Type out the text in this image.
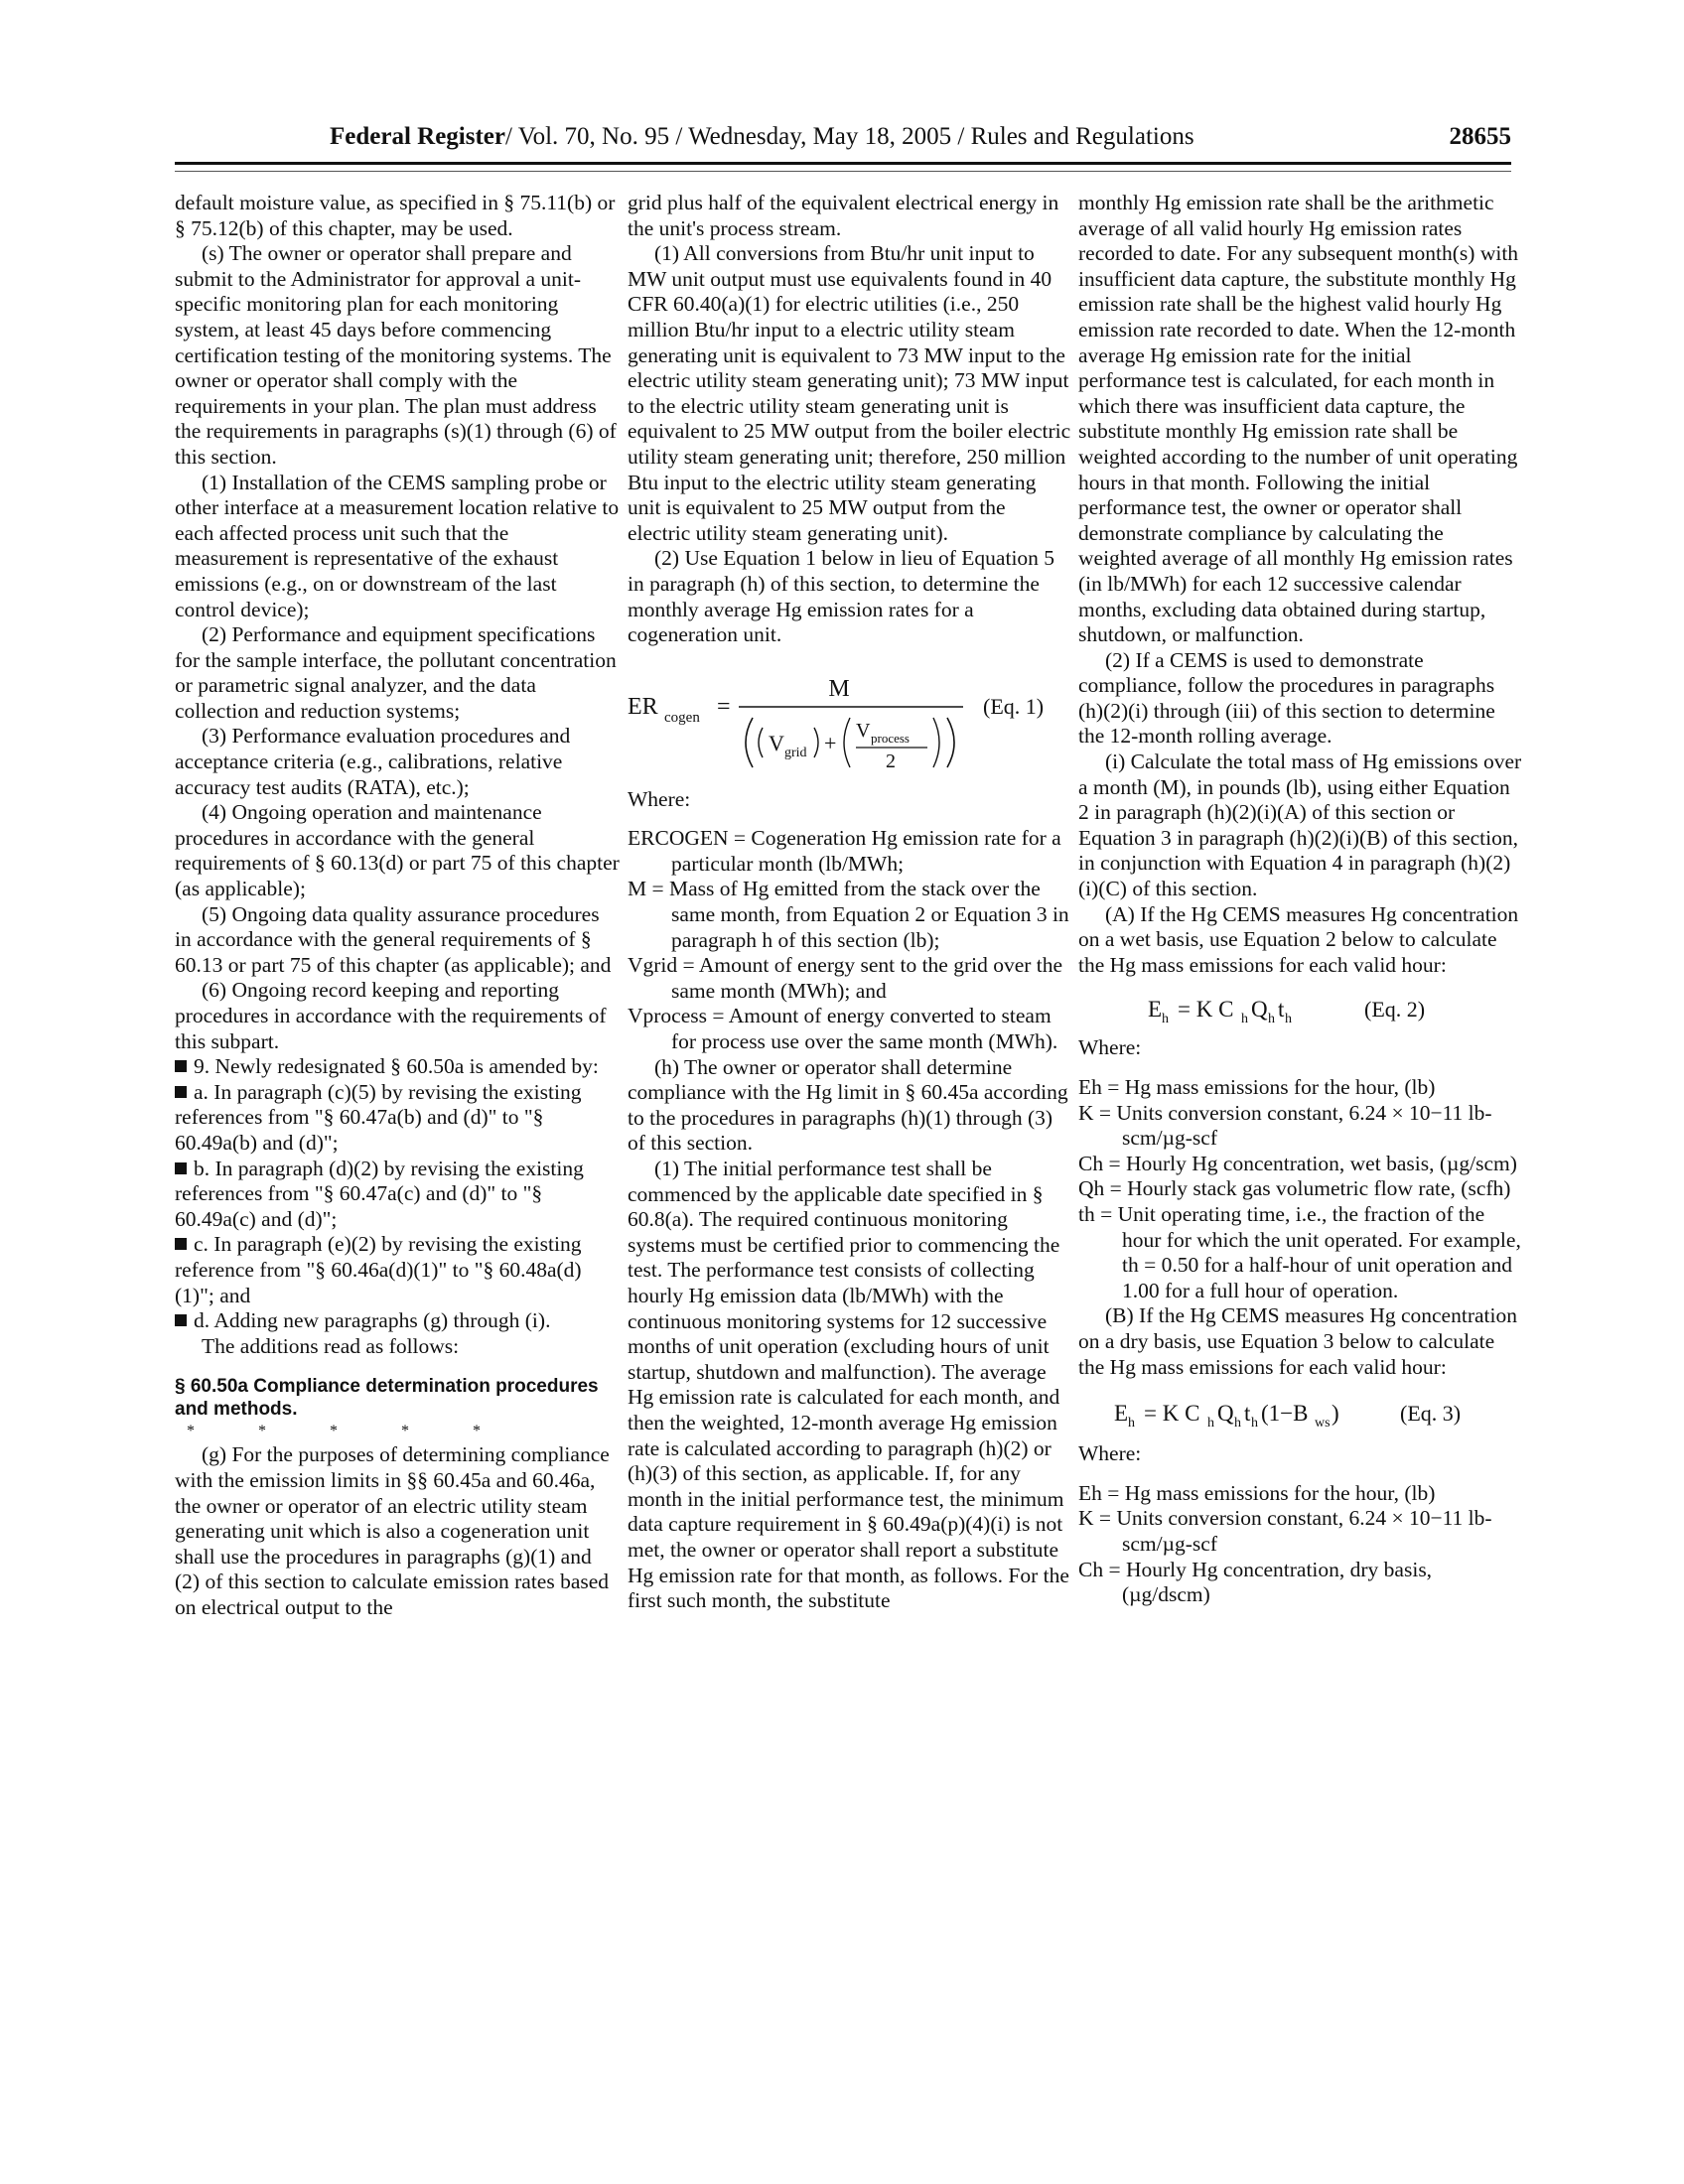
Federal Register/ Vol. 70, No. 95 / Wednesday, May 18, 2005 / Rules and Regulations	28655

default moisture value, as specified in § 75.11(b) or § 75.12(b) of this chapter, may be used.

(s) The owner or operator shall prepare and submit to the Administrator for approval a unit-specific monitoring plan for each monitoring system, at least 45 days before commencing certification testing of the monitoring systems. The owner or operator shall comply with the requirements in your plan. The plan must address the requirements in paragraphs (s)(1) through (6) of this section.

(1) Installation of the CEMS sampling probe or other interface at a measurement location relative to each affected process unit such that the measurement is representative of the exhaust emissions (e.g., on or downstream of the last control device);

(2) Performance and equipment specifications for the sample interface, the pollutant concentration or parametric signal analyzer, and the data collection and reduction systems;

(3) Performance evaluation procedures and acceptance criteria (e.g., calibrations, relative accuracy test audits (RATA), etc.);

(4) Ongoing operation and maintenance procedures in accordance with the general requirements of § 60.13(d) or part 75 of this chapter (as applicable);

(5) Ongoing data quality assurance procedures in accordance with the general requirements of § 60.13 or part 75 of this chapter (as applicable); and

(6) Ongoing record keeping and reporting procedures in accordance with the requirements of this subpart.

9. Newly redesignated § 60.50a is amended by:

a. In paragraph (c)(5) by revising the existing references from "§ 60.47a(b) and (d)" to "§ 60.49a(b) and (d)";

b. In paragraph (d)(2) by revising the existing references from "§ 60.47a(c) and (d)" to "§ 60.49a(c) and (d)";

c. In paragraph (e)(2) by revising the existing reference from "§ 60.46a(d)(1)" to "§ 60.48a(d)(1)"; and

d. Adding new paragraphs (g) through (i).

The additions read as follows:

§ 60.50a Compliance determination procedures and methods.

* * * * *

(g) For the purposes of determining compliance with the emission limits in §§ 60.45a and 60.46a, the owner or operator of an electric utility steam generating unit which is also a cogeneration unit shall use the procedures in paragraphs (g)(1) and (2) of this section to calculate emission rates based on electrical output to the

grid plus half of the equivalent electrical energy in the unit's process stream.

(1) All conversions from Btu/hr unit input to MW unit output must use equivalents found in 40 CFR 60.40(a)(1) for electric utilities (i.e., 250 million Btu/hr input to a electric utility steam generating unit is equivalent to 73 MW input to the electric utility steam generating unit); 73 MW input to the electric utility steam generating unit is equivalent to 25 MW output from the boiler electric utility steam generating unit; therefore, 250 million Btu input to the electric utility steam generating unit is equivalent to 25 MW output from the electric utility steam generating unit).

(2) Use Equation 1 below in lieu of Equation 5 in paragraph (h) of this section, to determine the monthly average Hg emission rates for a cogeneration unit.

ER cogen =
M
V grid + V process
2
(Eq. 1)

Where:

ERCOGEN = Cogeneration Hg emission rate for a particular month (lb/MWh;

M = Mass of Hg emitted from the stack over the same month, from Equation 2 or Equation 3 in paragraph h of this section (lb);

Vgrid = Amount of energy sent to the grid over the same month (MWh); and

Vprocess = Amount of energy converted to steam for process use over the same month (MWh).

(h) The owner or operator shall determine compliance with the Hg limit in § 60.45a according to the procedures in paragraphs (h)(1) through (3) of this section.

(1) The initial performance test shall be commenced by the applicable date specified in § 60.8(a). The required continuous monitoring systems must be certified prior to commencing the test. The performance test consists of collecting hourly Hg emission data (lb/MWh) with the continuous monitoring systems for 12 successive months of unit operation (excluding hours of unit startup, shutdown and malfunction). The average Hg emission rate is calculated for each month, and then the weighted, 12-month average Hg emission rate is calculated according to paragraph (h)(2) or (h)(3) of this section, as applicable. If, for any month in the initial performance test, the minimum data capture requirement in § 60.49a(p)(4)(i) is not met, the owner or operator shall report a substitute Hg emission rate for that month, as follows. For the first such month, the substitute

monthly Hg emission rate shall be the arithmetic average of all valid hourly Hg emission rates recorded to date. For any subsequent month(s) with insufficient data capture, the substitute monthly Hg emission rate shall be the highest valid hourly Hg emission rate recorded to date. When the 12-month average Hg emission rate for the initial performance test is calculated, for each month in which there was insufficient data capture, the substitute monthly Hg emission rate shall be weighted according to the number of unit operating hours in that month. Following the initial performance test, the owner or operator shall demonstrate compliance by calculating the weighted average of all monthly Hg emission rates (in lb/MWh) for each 12 successive calendar months, excluding data obtained during startup, shutdown, or malfunction.

(2) If a CEMS is used to demonstrate compliance, follow the procedures in paragraphs (h)(2)(i) through (iii) of this section to determine the 12-month rolling average.

(i) Calculate the total mass of Hg emissions over a month (M), in pounds (lb), using either Equation 2 in paragraph (h)(2)(i)(A) of this section or Equation 3 in paragraph (h)(2)(i)(B) of this section, in conjunction with Equation 4 in paragraph (h)(2)(i)(C) of this section.

(A) If the Hg CEMS measures Hg concentration on a wet basis, use Equation 2 below to calculate the Hg mass emissions for each valid hour:

E h = K C h Q h t h	(Eq. 2)

Where:

Eh = Hg mass emissions for the hour, (lb)

K = Units conversion constant, 6.24 × 10−11 lb-scm/µg-scf

Ch = Hourly Hg concentration, wet basis, (µg/scm)

Qh = Hourly stack gas volumetric flow rate, (scfh)

th = Unit operating time, i.e., the fraction of the hour for which the unit operated. For example, th = 0.50 for a half-hour of unit operation and 1.00 for a full hour of operation.

(B) If the Hg CEMS measures Hg concentration on a dry basis, use Equation 3 below to calculate the Hg mass emissions for each valid hour:

E h = K C h Q h t h (1−B ws )	(Eq. 3)

Where:

Eh = Hg mass emissions for the hour, (lb)

K = Units conversion constant, 6.24 × 10−11 lb-scm/µg-scf

Ch = Hourly Hg concentration, dry basis, (µg/dscm)
